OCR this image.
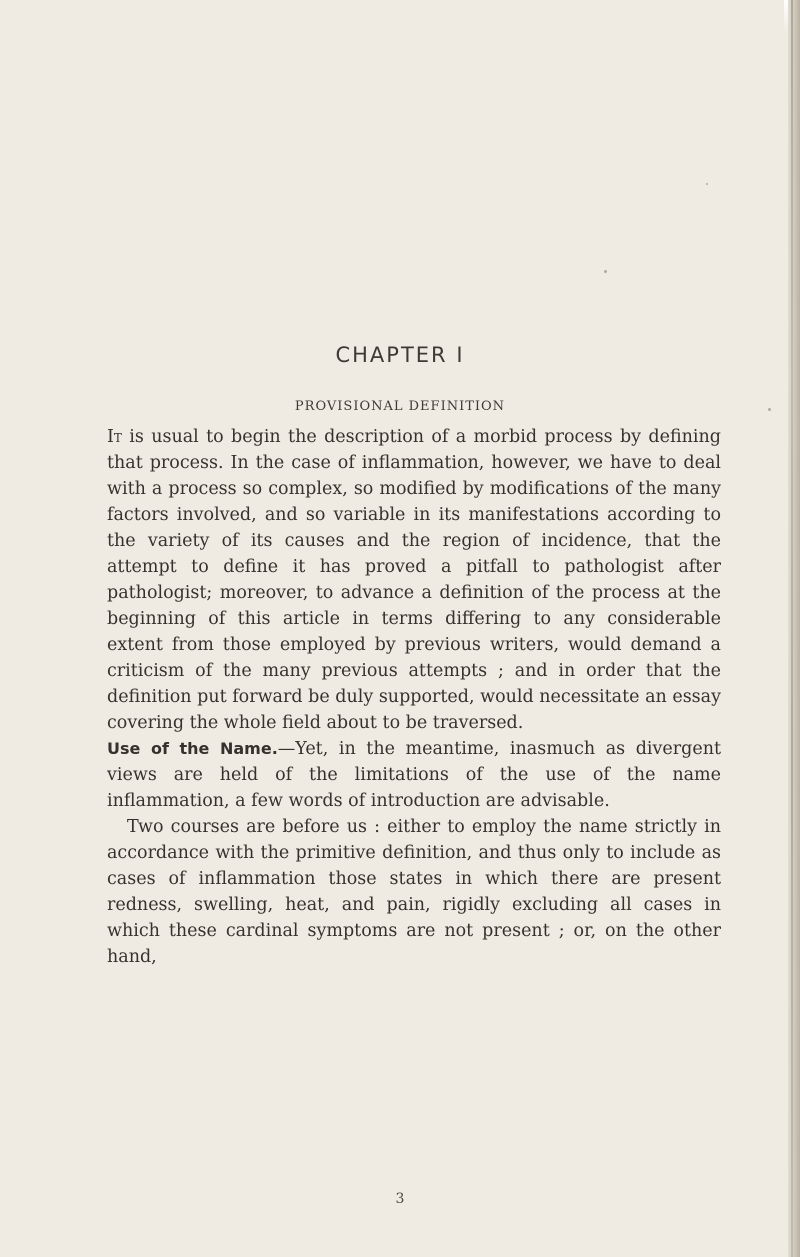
CHAPTER I
PROVISIONAL DEFINITION

It is usual to begin the description of a morbid process by defining that process. In the case of inflammation, however, we have to deal with a process so complex, so modified by modifications of the many factors involved, and so variable in its manifestations according to the variety of its causes and the region of incidence, that the attempt to define it has proved a pitfall to pathologist after pathologist; moreover, to advance a definition of the process at the beginning of this article in terms differing to any considerable extent from those employed by previous writers, would demand a criticism of the many previous attempts ; and in order that the definition put forward be duly supported, would necessitate an essay covering the whole field about to be traversed.

Use of the Name.—Yet, in the meantime, inasmuch as divergent views are held of the limitations of the use of the name inflammation, a few words of introduction are advisable.

Two courses are before us : either to employ the name strictly in accordance with the primitive definition, and thus only to include as cases of inflammation those states in which there are present redness, swelling, heat, and pain, rigidly excluding all cases in which these cardinal symptoms are not present ; or, on the other hand,

3
